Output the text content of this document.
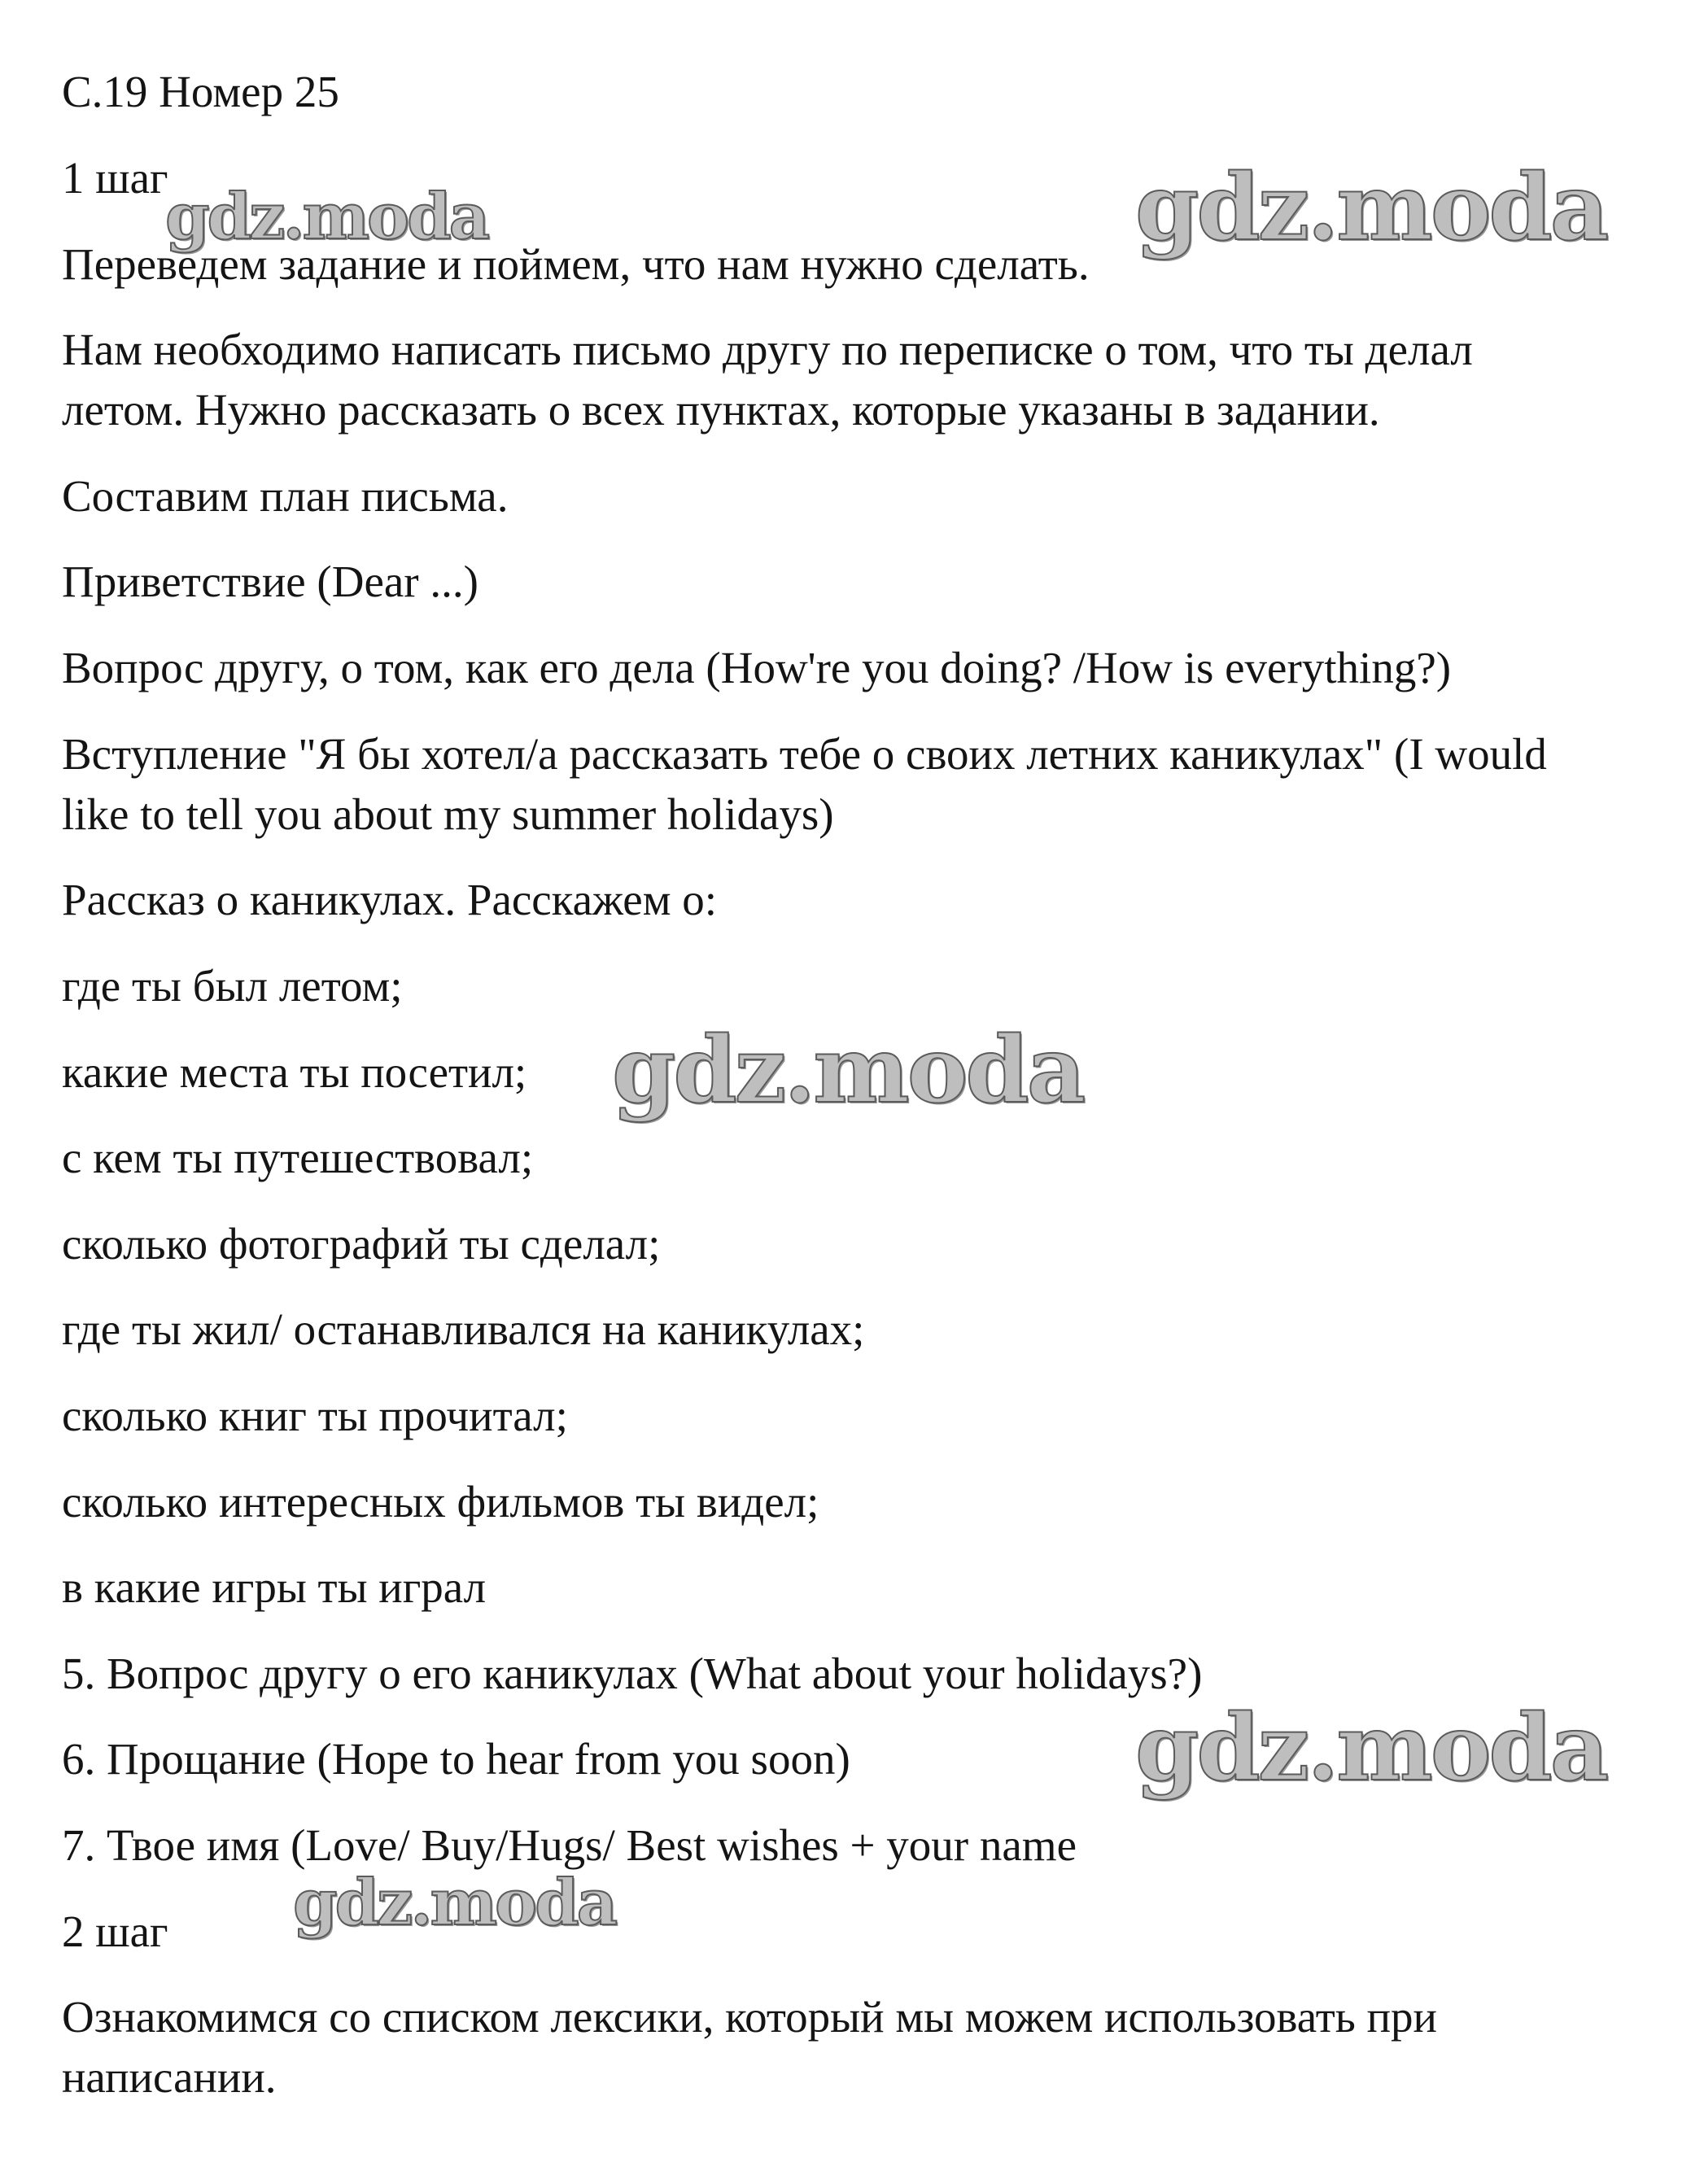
С.19 Номер 25
1 шаг
Переведем задание и поймем, что нам нужно сделать.
Нам необходимо написать письмо другу по переписке о том, что ты делал
летом. Нужно рассказать о всех пунктах, которые указаны в задании.
Составим план письма.
Приветствие (Dear ...)
Вопрос другу, о том, как его дела (How're you doing? /How is everything?)
Вступление "Я бы хотел/а рассказать тебе о своих летних каникулах" (I would
like to tell you about my summer holidays)
Рассказ о каникулах. Расскажем о:
где ты был летом;
какие места ты посетил;
с кем ты путешествовал;
сколько фотографий ты сделал;
где ты жил/ останавливался на каникулах;
сколько книг ты прочитал;
сколько интересных фильмов ты видел;
в какие игры ты играл
5. Вопрос другу о его каникулах (What about your holidays?)
6. Прощание (Hope to hear from you soon)
7. Твое имя (Love/ Buy/Hugs/ Best wishes + your name
2 шаг
Ознакомимся со списком лексики, который мы можем использовать при
написании.
gdz.moda	gdz.moda
gdz.moda
gdz.moda
gdz.moda
